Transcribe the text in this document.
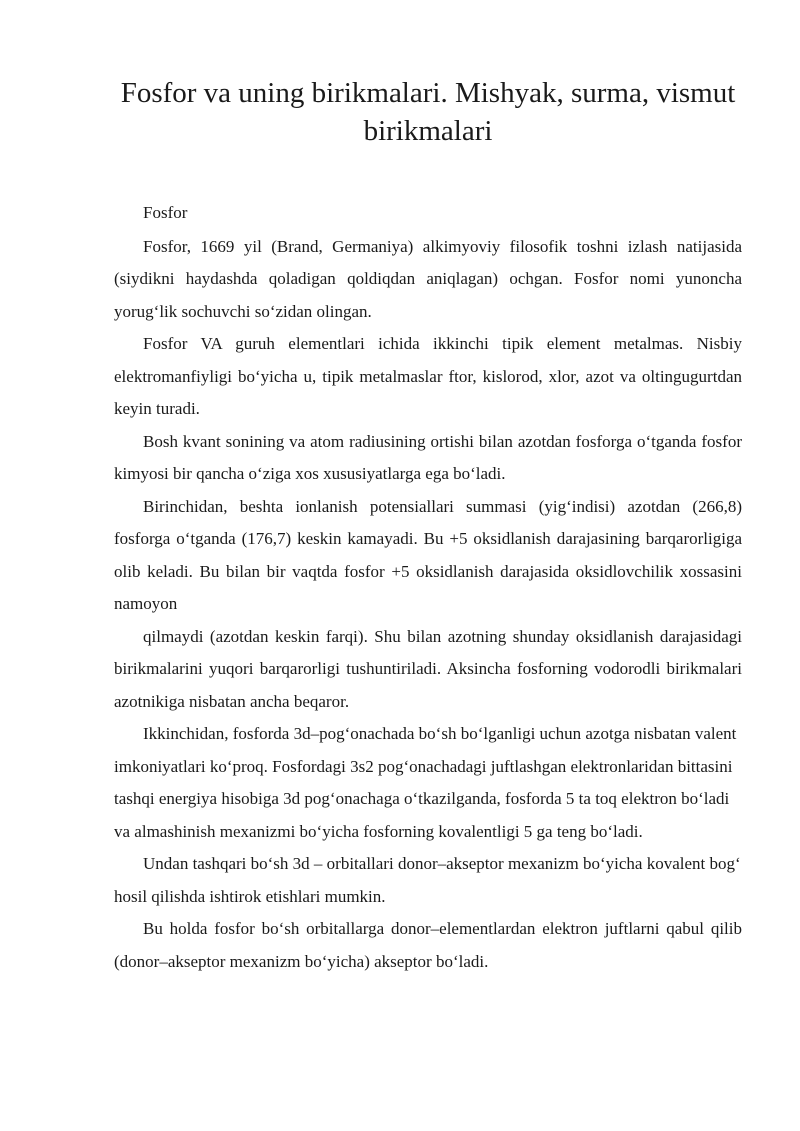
Fosfor va uning birikmalari. Mishyak, surma, vismut birikmalari

Fosfor

Fosfor, 1669 yil (Brand, Germaniya) alkimyoviy filosofik toshni izlash natijasida (siydikni haydashda qoladigan qoldiqdan aniqlagan) ochgan. Fosfor nomi yunoncha yorug‘lik sochuvchi so‘zidan olingan.

Fosfor VA guruh elementlari ichida ikkinchi tipik element metalmas. Nisbiy elektromanfiyligi bo‘yicha u, tipik metalmaslar ftor, kislorod, xlor, azot va oltingugurtdan keyin turadi.

Bosh kvant sonining va atom radiusining ortishi bilan azotdan fosforga o‘tganda fosfor kimyosi bir qancha o‘ziga xos xususiyatlarga ega bo‘ladi.

Birinchidan, beshta ionlanish potensiallari summasi (yig‘indisi) azotdan (266,8) fosforga o‘tganda (176,7) keskin kamayadi. Bu +5 oksidlanish darajasining barqarorligiga olib keladi. Bu bilan bir vaqtda fosfor +5 oksidlanish darajasida oksidlovchilik xossasini namoyon

qilmaydi (azotdan keskin farqi). Shu bilan azotning shunday oksidlanish darajasidagi birikmalarini yuqori barqarorligi tushuntiriladi. Aksincha fosforning vodorodli birikmalari azotnikiga nisbatan ancha beqaror.

Ikkinchidan, fosforda 3d–pog‘onachada bo‘sh bo‘lganligi uchun azotga nisbatan valent imkoniyatlari ko‘proq. Fosfordagi 3s2 pog‘onachadagi juftlashgan elektronlaridan bittasini tashqi energiya hisobiga 3d pog‘onachaga o‘tkazilganda, fosforda 5 ta toq elektron bo‘ladi va almashinish mexanizmi bo‘yicha fosforning kovalentligi 5 ga teng bo‘ladi.

Undan tashqari bo‘sh 3d – orbitallari donor–akseptor mexanizm bo‘yicha kovalent bog‘ hosil qilishda ishtirok etishlari mumkin.

Bu holda fosfor bo‘sh orbitallarga donor–elementlardan elektron juftlarni qabul qilib (donor–akseptor mexanizm bo‘yicha) akseptor bo‘ladi.
